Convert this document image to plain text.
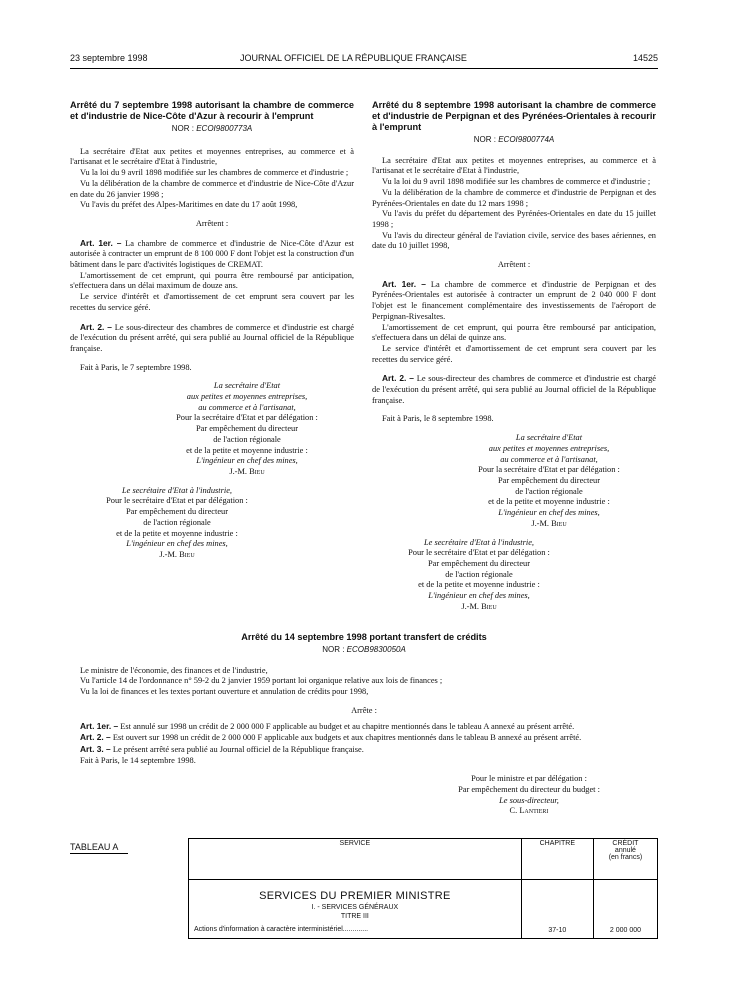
23 septembre 1998	JOURNAL OFFICIEL DE LA RÉPUBLIQUE FRANÇAISE	14525

Arrêté du 7 septembre 1998 autorisant la chambre de commerce et d'industrie de Nice-Côte d'Azur à recourir à l'emprunt

NOR : ECOI9800773A

La secrétaire d'Etat aux petites et moyennes entreprises, au commerce et à l'artisanat et le secrétaire d'Etat à l'industrie,

Vu la loi du 9 avril 1898 modifiée sur les chambres de commerce et d'industrie ;

Vu la délibération de la chambre de commerce et d'industrie de Nice-Côte d'Azur en date du 26 janvier 1998 ;

Vu l'avis du préfet des Alpes-Maritimes en date du 17 août 1998,

Arrêtent :

Art. 1er. – La chambre de commerce et d'industrie de Nice-Côte d'Azur est autorisée à contracter un emprunt de 8 100 000 F dont l'objet est la construction d'un bâtiment dans le parc d'activités logistiques de CREMAT.

L'amortissement de cet emprunt, qui pourra être remboursé par anticipation, s'effectuera dans un délai maximum de douze ans.

Le service d'intérêt et d'amortissement de cet emprunt sera couvert par les recettes du service géré.

Art. 2. – Le sous-directeur des chambres de commerce et d'industrie est chargé de l'exécution du présent arrêté, qui sera publié au Journal officiel de la République française.

Fait à Paris, le 7 septembre 1998.

La secrétaire d'Etat
aux petites et moyennes entreprises,
au commerce et à l'artisanat,
Pour la secrétaire d'Etat et par délégation :
Par empêchement du directeur
de l'action régionale
et de la petite et moyenne industrie :
L'ingénieur en chef des mines,
J.-M. Bieu
Le secrétaire d'Etat à l'industrie,
Pour le secrétaire d'Etat et par délégation :
Par empêchement du directeur
de l'action régionale
et de la petite et moyenne industrie :
L'ingénieur en chef des mines,
J.-M. Bieu

Arrêté du 8 septembre 1998 autorisant la chambre de commerce et d'industrie de Perpignan et des Pyrénées-Orientales à recourir à l'emprunt

NOR : ECOI9800774A

La secrétaire d'Etat aux petites et moyennes entreprises, au commerce et à l'artisanat et le secrétaire d'Etat à l'industrie,

Vu la loi du 9 avril 1898 modifiée sur les chambres de commerce et d'industrie ;

Vu la délibération de la chambre de commerce et d'industrie de Perpignan et des Pyrénées-Orientales en date du 12 mars 1998 ;

Vu l'avis du préfet du département des Pyrénées-Orientales en date du 15 juillet 1998 ;

Vu l'avis du directeur général de l'aviation civile, service des bases aériennes, en date du 10 juillet 1998,

Arrêtent :

Art. 1er. – La chambre de commerce et d'industrie de Perpignan et des Pyrénées-Orientales est autorisée à contracter un emprunt de 2 040 000 F dont l'objet est le financement complémentaire des investissements de l'aéroport de Perpignan-Rivesaltes.

L'amortissement de cet emprunt, qui pourra être remboursé par anticipation, s'effectuera dans un délai de quinze ans.

Le service d'intérêt et d'amortissement de cet emprunt sera couvert par les recettes du service géré.

Art. 2. – Le sous-directeur des chambres de commerce et d'industrie est chargé de l'exécution du présent arrêté, qui sera publié au Journal officiel de la République française.

Fait à Paris, le 8 septembre 1998.

La secrétaire d'Etat
aux petites et moyennes entreprises,
au commerce et à l'artisanat,
Pour la secrétaire d'Etat et par délégation :
Par empêchement du directeur
de l'action régionale
et de la petite et moyenne industrie :
L'ingénieur en chef des mines,
J.-M. Bieu
Le secrétaire d'Etat à l'industrie,
Pour le secrétaire d'Etat et par délégation :
Par empêchement du directeur
de l'action régionale
et de la petite et moyenne industrie :
L'ingénieur en chef des mines,
J.-M. Bieu

Arrêté du 14 septembre 1998 portant transfert de crédits

NOR : ECOB9830050A

Le ministre de l'économie, des finances et de l'industrie,

Vu l'article 14 de l'ordonnance n° 59-2 du 2 janvier 1959 portant loi organique relative aux lois de finances ;

Vu la loi de finances et les textes portant ouverture et annulation de crédits pour 1998,

Arrête :

Art. 1er. – Est annulé sur 1998 un crédit de 2 000 000 F applicable au budget et au chapitre mentionnés dans le tableau A annexé au présent arrêté.

Art. 2. – Est ouvert sur 1998 un crédit de 2 000 000 F applicable aux budgets et aux chapitres mentionnés dans le tableau B annexé au présent arrêté.

Art. 3. – Le présent arrêté sera publié au Journal officiel de la République française.

Fait à Paris, le 14 septembre 1998.

Pour le ministre et par délégation :
Par empêchement du directeur du budget :
Le sous-directeur,
C. Lantieri
TABLEAU A	SERVICE	CHAPITRE	CRÉDIT
annulé
(en francs)

SERVICES DU PREMIER MINISTRE
I. - SERVICES GÉNÉRAUX
TITRE III
Actions d'information à caractère interministériel.............	37-10	2 000 000
